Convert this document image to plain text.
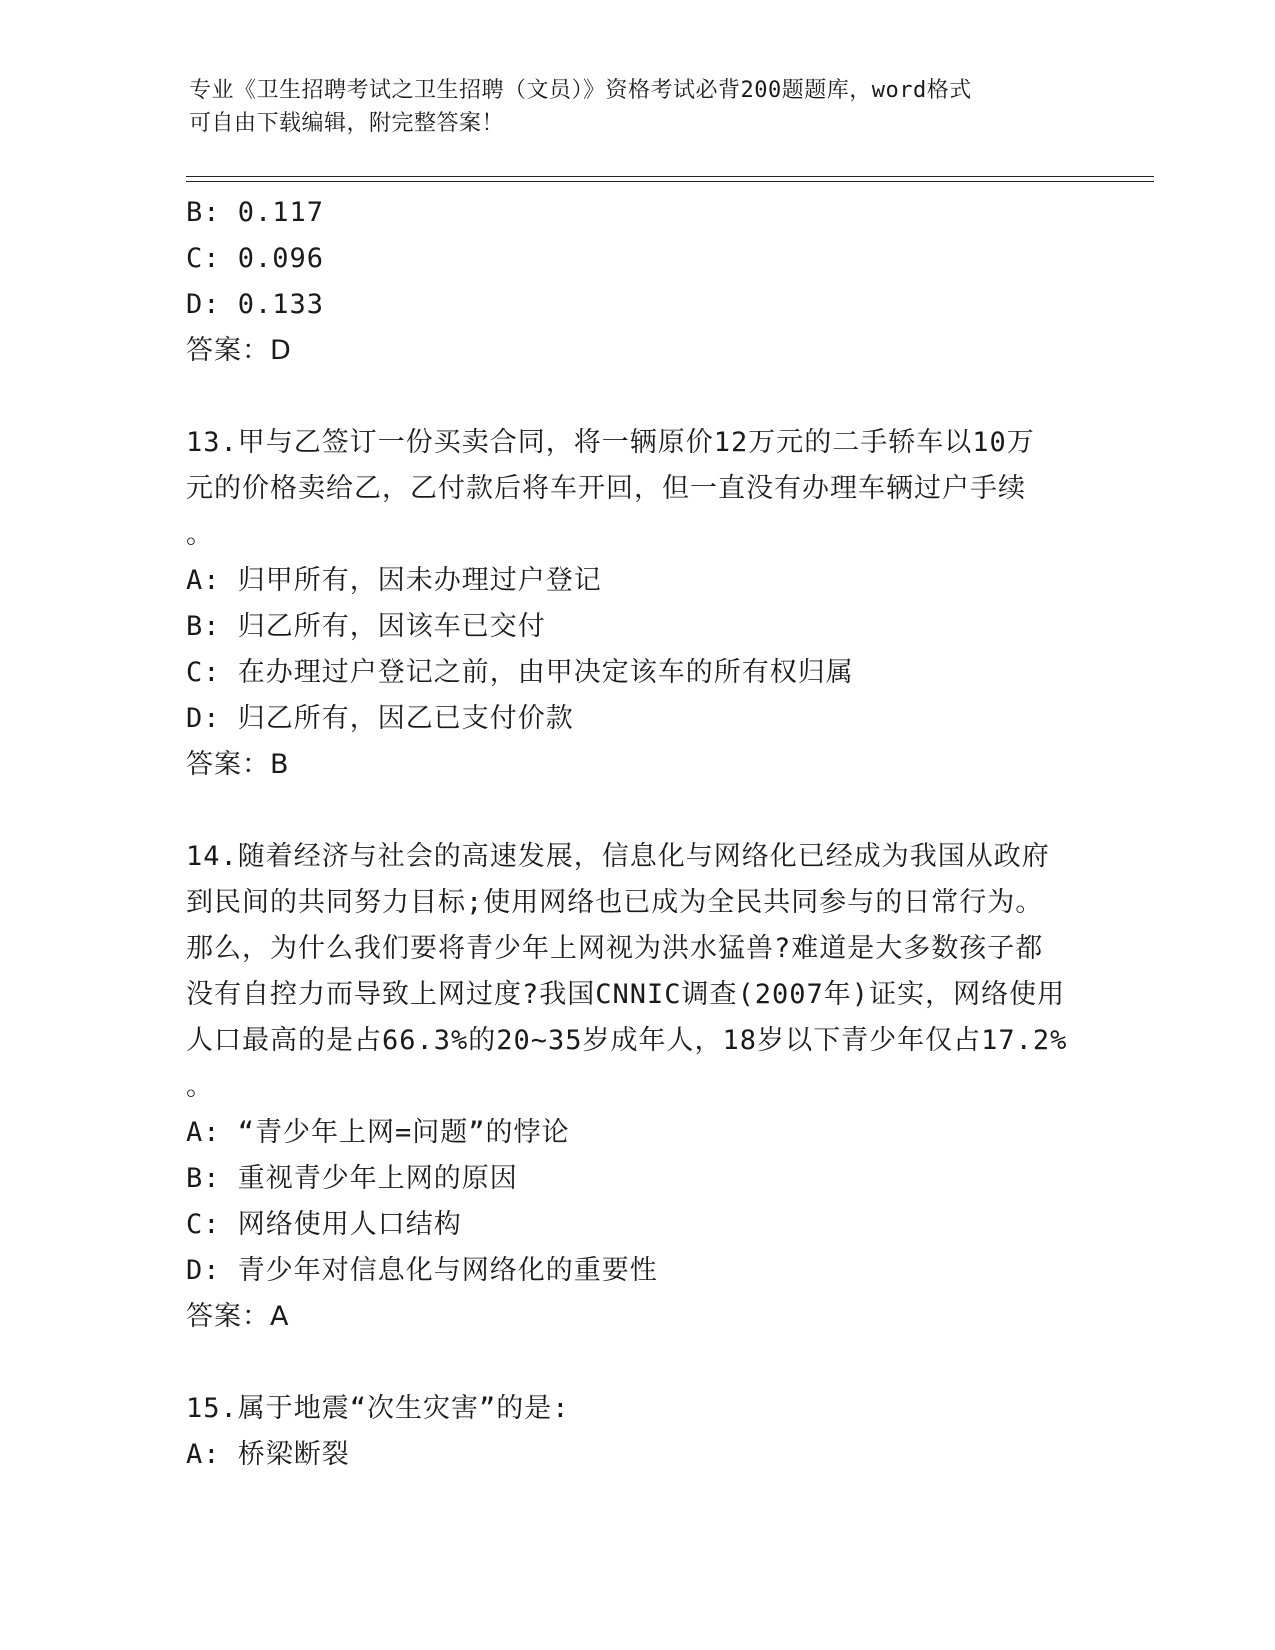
专业《卫生招聘考试之卫生招聘（文员）》资格考试必背200题题库，word格式
可自由下载编辑，附完整答案！
B: 0.117
C: 0.096
D: 0.133
答案：D
13.甲与乙签订一份买卖合同，将一辆原价12万元的二手轿车以10万
元的价格卖给乙，乙付款后将车开回，但一直没有办理车辆过户手续
。
A: 归甲所有，因未办理过户登记
B: 归乙所有，因该车已交付
C: 在办理过户登记之前，由甲决定该车的所有权归属
D: 归乙所有，因乙已支付价款
答案：B
14.随着经济与社会的高速发展，信息化与网络化已经成为我国从政府
到民间的共同努力目标;使用网络也已成为全民共同参与的日常行为。
那么，为什么我们要将青少年上网视为洪水猛兽?难道是大多数孩子都
没有自控力而导致上网过度?我国CNNIC调查(2007年)证实，网络使用
人口最高的是占66.3%的20~35岁成年人，18岁以下青少年仅占17.2%
。
A: “青少年上网=问题”的悖论
B: 重视青少年上网的原因
C: 网络使用人口结构
D: 青少年对信息化与网络化的重要性
答案：A
15.属于地震“次生灾害”的是:
A: 桥梁断裂
